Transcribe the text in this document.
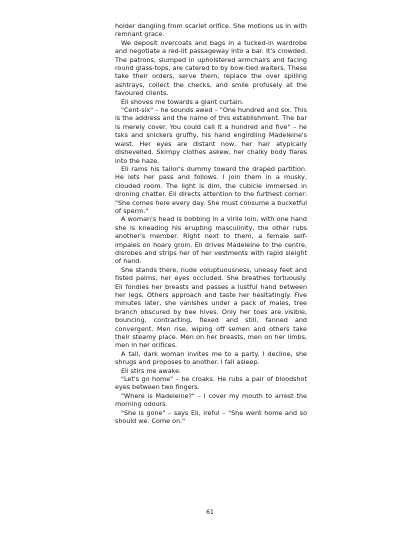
holder dangling from scarlet orifice. She motions us in with remnant grace.

We deposit overcoats and bags in a tucked-in wardrobe and negotiate a red-lit passageway into a bar. It's crowded. The patrons, slumped in upholstered armchairs and facing round glass-tops, are catered to by bow-tied waiters. These take their orders, serve them, replace the over spilling ashtrays, collect the checks, and smile profusely at the favoured clients.

Eli shoves me towards a giant curtain.

"Cent-six" – he sounds awed – "One hundred and six. This is the address and the name of this establishment. The bar is merely cover. You could call it a hundred and five" – he tsks and snickers gruffly, his hand engirdling Madeleine's waist. Her eyes are distant now, her hair atypically dishevelled. Skimpy clothes askew, her chalky body flares into the haze.

Eli rams his tailor's dummy toward the draped partition. He lets her pass and follows. I join them in a musky, clouded room. The light is dim, the cubicle immersed in droning chatter. Eli directs attention to the furthest corner: "She comes here every day. She must consume a bucketful of sperm."

A woman's head is bobbing in a virile loin, with one hand she is kneading his erupting masculinity, the other rubs another's member. Right next to them, a female self-impales on hoary groin. Eli drives Madeleine to the centre, disrobes and strips her of her vestments with rapid sleight of hand.

She stands there, nude voluptuousness, uneasy feet and fisted palms, her eyes occluded. She breathes tortuously. Eli fondles her breasts and passes a lustful hand between her legs. Others approach and taste her hesitatingly. Five minutes later, she vanishes under a pack of males, tree branch obscured by bee hives. Only her toes are visible, bouncing, contracting, flexed and still, fanned and convergent. Men rise, wiping off semen and others take their steamy place. Men on her breasts, men on her limbs, men in her orifices.

A tall, dark woman invites me to a party. I decline, she shrugs and proposes to another. I fall asleep.

Eli stirs me awake.

"Let's go home" – he croaks. He rubs a pair of bloodshot eyes between two fingers.

"Where is Madeleine?" – I cover my mouth to arrest the morning odours.

"She is gone" – says Eli, ireful – "She went home and so should we. Come on."

61
